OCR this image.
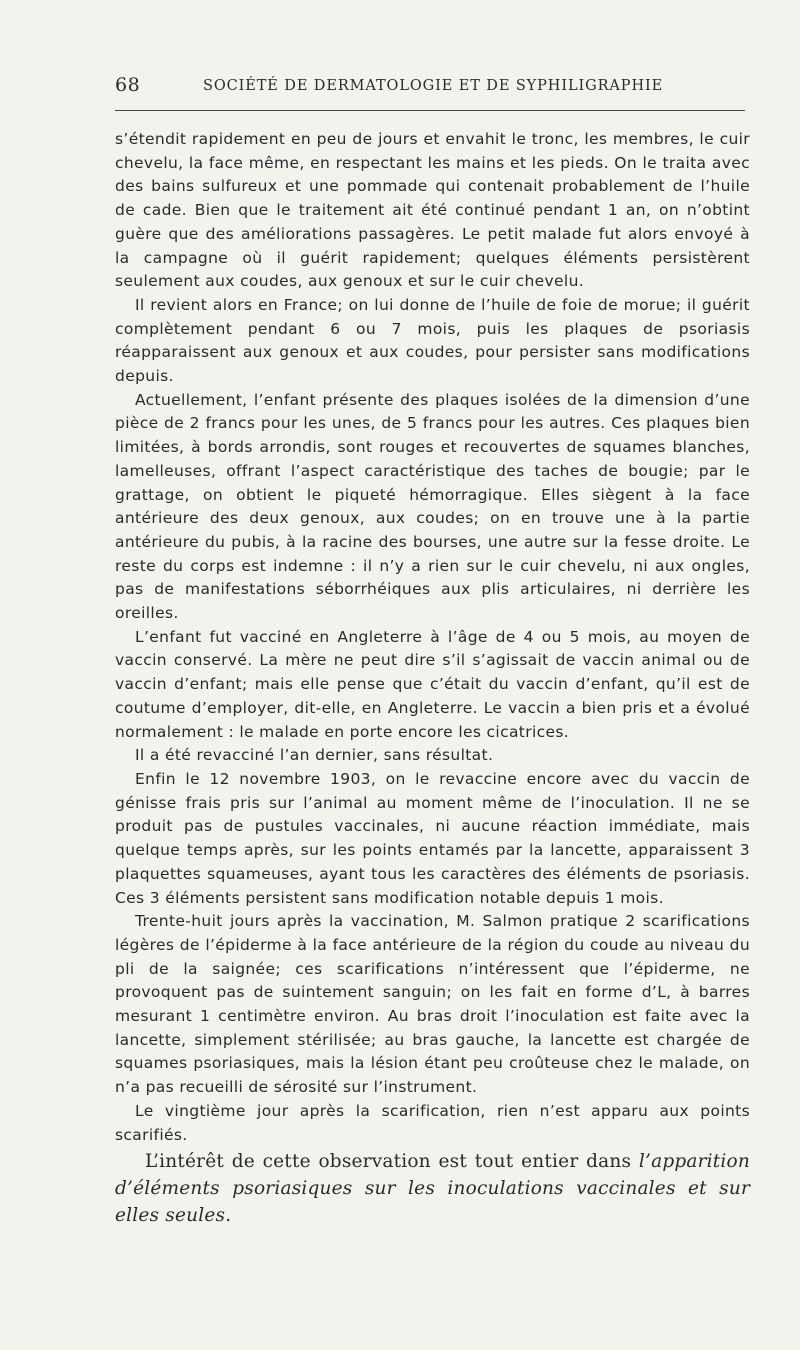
68	SOCIÉTÉ DE DERMATOLOGIE ET DE SYPHILIGRAPHIE

s’étendit rapidement en peu de jours et envahit le tronc, les membres, le cuir chevelu, la face même, en respectant les mains et les pieds. On le traita avec des bains sulfureux et une pommade qui contenait probablement de l’huile de cade. Bien que le traitement ait été continué pendant 1 an, on n’obtint guère que des améliorations passagères. Le petit malade fut alors envoyé à la campagne où il guérit rapidement; quelques éléments persistèrent seulement aux coudes, aux genoux et sur le cuir chevelu.

Il revient alors en France; on lui donne de l’huile de foie de morue; il guérit complètement pendant 6 ou 7 mois, puis les plaques de psoriasis réapparaissent aux genoux et aux coudes, pour persister sans modifications depuis.

Actuellement, l’enfant présente des plaques isolées de la dimension d’une pièce de 2 francs pour les unes, de 5 francs pour les autres. Ces plaques bien limitées, à bords arrondis, sont rouges et recouvertes de squames blanches, lamelleuses, offrant l’aspect caractéristique des taches de bougie; par le grattage, on obtient le piqueté hémorragique. Elles siègent à la face antérieure des deux genoux, aux coudes; on en trouve une à la partie antérieure du pubis, à la racine des bourses, une autre sur la fesse droite. Le reste du corps est indemne : il n’y a rien sur le cuir chevelu, ni aux ongles, pas de manifestations séborrhéiques aux plis articulaires, ni derrière les oreilles.

L’enfant fut vacciné en Angleterre à l’âge de 4 ou 5 mois, au moyen de vaccin conservé. La mère ne peut dire s’il s’agissait de vaccin animal ou de vaccin d’enfant; mais elle pense que c’était du vaccin d’enfant, qu’il est de coutume d’employer, dit-elle, en Angleterre. Le vaccin a bien pris et a évolué normalement : le malade en porte encore les cicatrices.

Il a été revacciné l’an dernier, sans résultat.

Enfin le 12 novembre 1903, on le revaccine encore avec du vaccin de génisse frais pris sur l’animal au moment même de l’inoculation. Il ne se produit pas de pustules vaccinales, ni aucune réaction immédiate, mais quelque temps après, sur les points entamés par la lancette, apparaissent 3 plaquettes squameuses, ayant tous les caractères des éléments de psoriasis. Ces 3 éléments persistent sans modification notable depuis 1 mois.

Trente-huit jours après la vaccination, M. Salmon pratique 2 scarifications légères de l’épiderme à la face antérieure de la région du coude au niveau du pli de la saignée; ces scarifications n’intéressent que l’épiderme, ne provoquent pas de suintement sanguin; on les fait en forme d’L, à barres mesurant 1 centimètre environ. Au bras droit l’inoculation est faite avec la lancette, simplement stérilisée; au bras gauche, la lancette est chargée de squames psoriasiques, mais la lésion étant peu croûteuse chez le malade, on n’a pas recueilli de sérosité sur l’instrument.

Le vingtième jour après la scarification, rien n’est apparu aux points scarifiés.

L’intérêt de cette observation est tout entier dans l’apparition d’éléments psoriasiques sur les inoculations vaccinales et sur elles seules.
